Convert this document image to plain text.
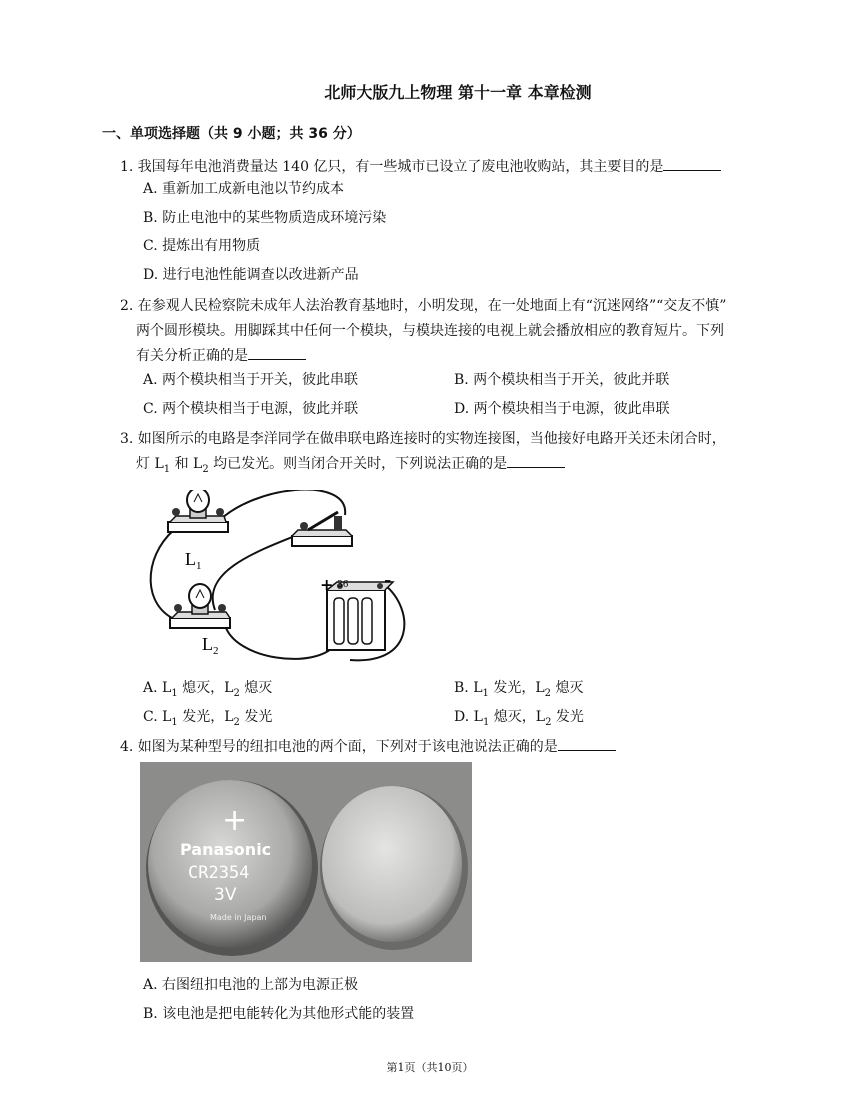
北师大版九上物理 第十一章 本章检测
一、单项选择题（共 9 小题；共 36 分）
1. 我国每年电池消费量达 140 亿只，有一些城市已设立了废电池收购站，其主要目的是
A. 重新加工成新电池以节约成本
B. 防止电池中的某些物质造成环境污染
C. 提炼出有用物质
D. 进行电池性能调查以改进新产品
2. 在参观人民检察院未成年人法治教育基地时，小明发现，在一处地面上有“沉迷网络”“交友不慎”
两个圆形模块。用脚踩其中任何一个模块，与模块连接的电视上就会播放相应的教育短片。下列
有关分析正确的是
A. 两个模块相当于开关，彼此串联	B. 两个模块相当于开关，彼此并联
C. 两个模块相当于电源，彼此并联	D. 两个模块相当于电源，彼此串联
3. 如图所示的电路是李洋同学在做串联电路连接时的实物连接图，当他接好电路开关还未闭合时，
灯 $L_1$ 和 $L_2$ 均已发光。则当闭合开关时，下列说法正确的是
$L_1$
+	-
36
$L_2$
A. $L_1$ 熄灭，$L_2$ 熄灭	B. $L_1$ 发光，$L_2$ 熄灭
C. $L_1$ 发光，$L_2$ 发光	D. $L_1$ 熄灭，$L_2$ 发光
4. 如图为某种型号的纽扣电池的两个面，下列对于该电池说法正确的是
+
Panasonic
CR2354
3V
Made in Japan
A. 右图纽扣电池的上部为电源正极
B. 该电池是把电能转化为其他形式能的装置
第1页（共10页）
